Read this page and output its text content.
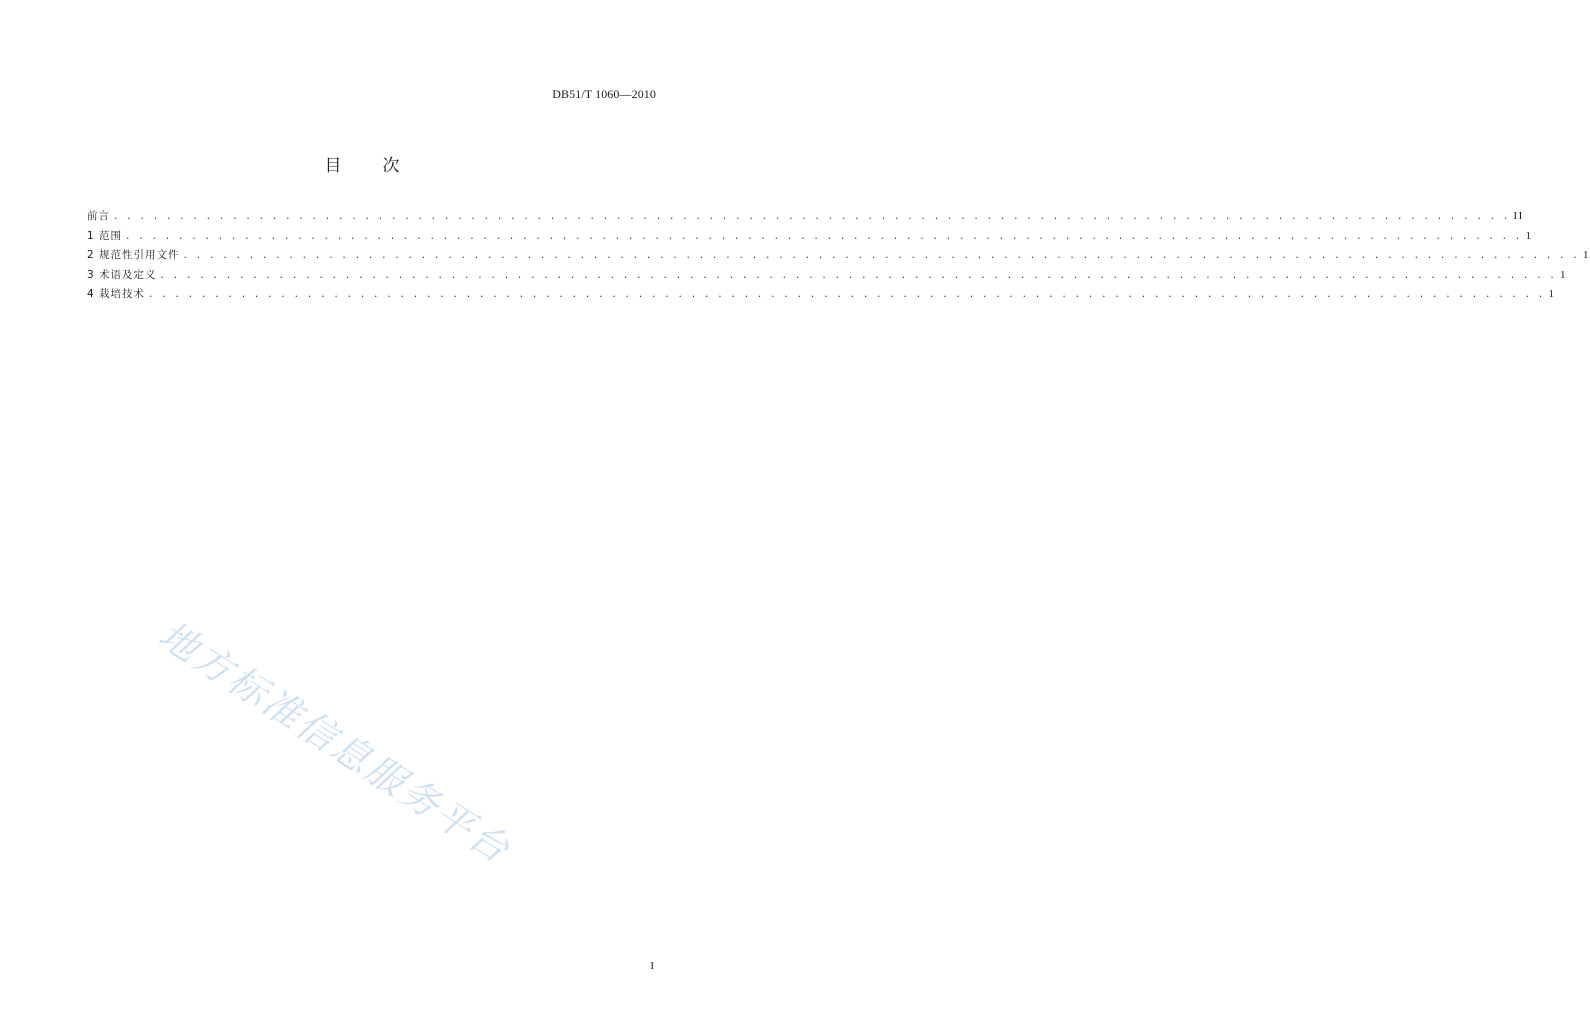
DB51/T 1060—2010
目 次
前言 . . . . . . . . . . . . . . . . . . . . . . . . . . . . . . . . . . . . . . . . . . . . . . . . . . . . . . . . . . . . . . . . . . . . . . . . . . . . . . . . . . . . . . . . . . . . . . . . . . . . . . . . . . II
1 范围 . . . . . . . . . . . . . . . . . . . . . . . . . . . . . . . . . . . . . . . . . . . . . . . . . . . . . . . . . . . . . . . . . . . . . . . . . . . . . . . . . . . . . . . . . . . . . . . . . . . . . . . . . . 1
2 规范性引用文件 . . . . . . . . . . . . . . . . . . . . . . . . . . . . . . . . . . . . . . . . . . . . . . . . . . . . . . . . . . . . . . . . . . . . . . . . . . . . . . . . . . . . . . . . . . . . . . . . . . . . . . . . . . 1
3 术语及定义 . . . . . . . . . . . . . . . . . . . . . . . . . . . . . . . . . . . . . . . . . . . . . . . . . . . . . . . . . . . . . . . . . . . . . . . . . . . . . . . . . . . . . . . . . . . . . . . . . . . . . . . . . . 1
4 栽培技术 . . . . . . . . . . . . . . . . . . . . . . . . . . . . . . . . . . . . . . . . . . . . . . . . . . . . . . . . . . . . . . . . . . . . . . . . . . . . . . . . . . . . . . . . . . . . . . . . . . . . . . . . . . 1
地方标准信息服务平台
I
